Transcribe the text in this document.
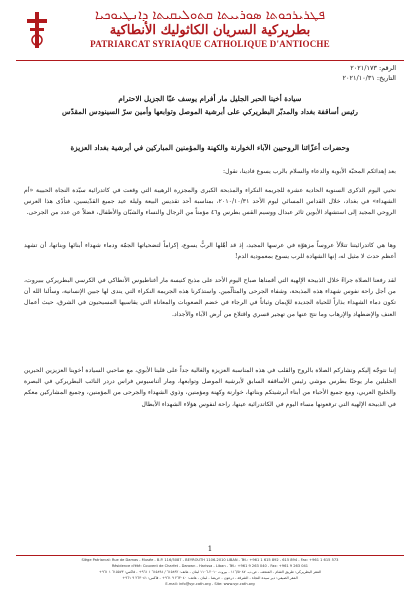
ܦܛܪܝܪܟܘܬܐ ܣܘܪܝܝܬܐ ܩܬܘܠܝܩܝܬܐ ܕܐܢܛܝܘܟܝܐ
بطريركية السريان الكاثوليك الأنطاكية
PATRIARCAT SYRIAQUE CATHOLIQUE D'ANTIOCHE
الرقم: ٢٠٢١/١٧٣
التاريخ: ٢٠٢١/١٠/٣١
سيادة أخينا الحبر الجليل مار أفرام يوسف عبّا الجزيل الاحترام
رئيس أساقفة بغداد والمدبّر البطريركي على أبرشية الموصل وتوابعها وأمين سرّ السينودس المقدّس
وحضرات أعزّائنا الروحيين الآباء الخوارنة والكهنة والمؤمنين المباركين في أبرشية بغداد العزيزة
بعد إهدائكم المحبّة الأبوية والدعاء والسلام بالرب يسوع فادينا، نقول:
نحيي اليوم الذكرى السنوية الحادية عشرة للجريمة النكراء والمذبحة الكبرى والمجزرة الرهيبة التي وقعت في كاتدرائية سيّدة النجاة الحبيبة «أم الشهداء» في بغداد، خلال القداس المسائي ليوم الأحد ٢٠١٠/١٠/٣١، بمناسبة أحد تقديس البيعة وليلة عيد جميع القدّيسين، فتأدّى هذا العرس الروحي المجيد إلى استشهاد الأبوين ثائر عبدال ووسيم القس بطرس و٤٦ مؤمناً من الرجال والنساء والشبّان والأطفال، فضلاً عن عدد من الجرحى.
وها هي كاتدرائيتنا تتلألأ عروساً مزهوّة في عرسها المجيد، إذ قد أهّلها الربُّ يسوع، إكراماً لتضحياتها الجمّة ودماء شهداء أبنائها وبناتها، أن تشهد أعظم حدث لا مثيل له، إنها الشهادة للرب يسوع بمعمودية الدم!
لقد رفعنا الصلاة جراءً خلال الذبيحة الإلهية التي أقمناها صباح اليوم الأحد على مذبح كنيسة مار أغناطيوس الأنطاكي في الكرسي البطريركي ببيروت، من أجل راحة نفوس شهداء هذه المذبحة، وشفاء الجرحى والمتألّمين. واستذكرنا هذه الجريمة النكراء التي يندى لها جبين الإنسانية، وسألنا الله أن تكون دماء الشهداء بذاراً للحياة الجديدة للإيمان وثباتاً في الرجاء في خضم الصعوبات والمعاناة التي يقاسيها المسيحيون في الشرق، حيث أعمال العنف والإضطهاد والإرهاب وما نتج عنها من تهجير قسري واقتلاع من أرض الآباء والأجداد.
إننا نتوجّه إليكم ونشاركم الصلاة بالروح والقلب في هذه المناسبة العزيزة والغالية جداً على قلبنا الأبوي، مع صاحبي السيادة أخوينا العزيزين الحبرين الجليلين مار يوحنّا بطرس موشي رئيس الأساقفة السابق لأبرشية الموصل وتوابعها، ومار أثناسيوس فراس دردر النائب البطريركي في البصرة والخليج العربي، ومع جميع الأحباء من أبناء أبرشيتكم وبناتها، خوارنة وكهنة ومؤمنين، وذوي الشهداء والجرحى من المؤمنين، وجميع المشاركين معكم في الذبيحة الإلهية التي ترفعونها مساء اليوم في الكاتدرائية عينها، راحة لنفوس هؤلاء الشهداء الأبطال
1
Siège Patriarcal: Rue de Damas - Musée - B.P. 116/5087 - BEYROUTH 1106-2010 LIBAN - Tél.: +961 1 615 892 - 615 894 - Fax: +961 1 615 573
Résidence d'été: Couvent de Charfet - Darown - Harissa - Liban - Tél.: +961 9 263 040 - Fax: +961 9 263 041
المقر البطريركي: طريق الشام - المتحف - ص.ب. ١١٦/٥٠٨٧ - بيروت ٢٠١٠-١١٠٦ لبنان - هاتف: ٦١٥٨٩٢ / ٦١٥٨٩٤ ١ ٩٦١+ - فاكس: ٦١٥٥٧٣ ١ ٩٦١+
المقر الصيفي: دير سيدة النجاة - الشرفة - درعون - حريصا - لبنان - هاتف: ٢٦٣٠٤٠ ٩ ٩٦١+ - فاكس: ٢٦٣٠٤١ ٩ ٩٦١+
E-mail: info@syr-cath.org - Site: www.syr-cath.org
